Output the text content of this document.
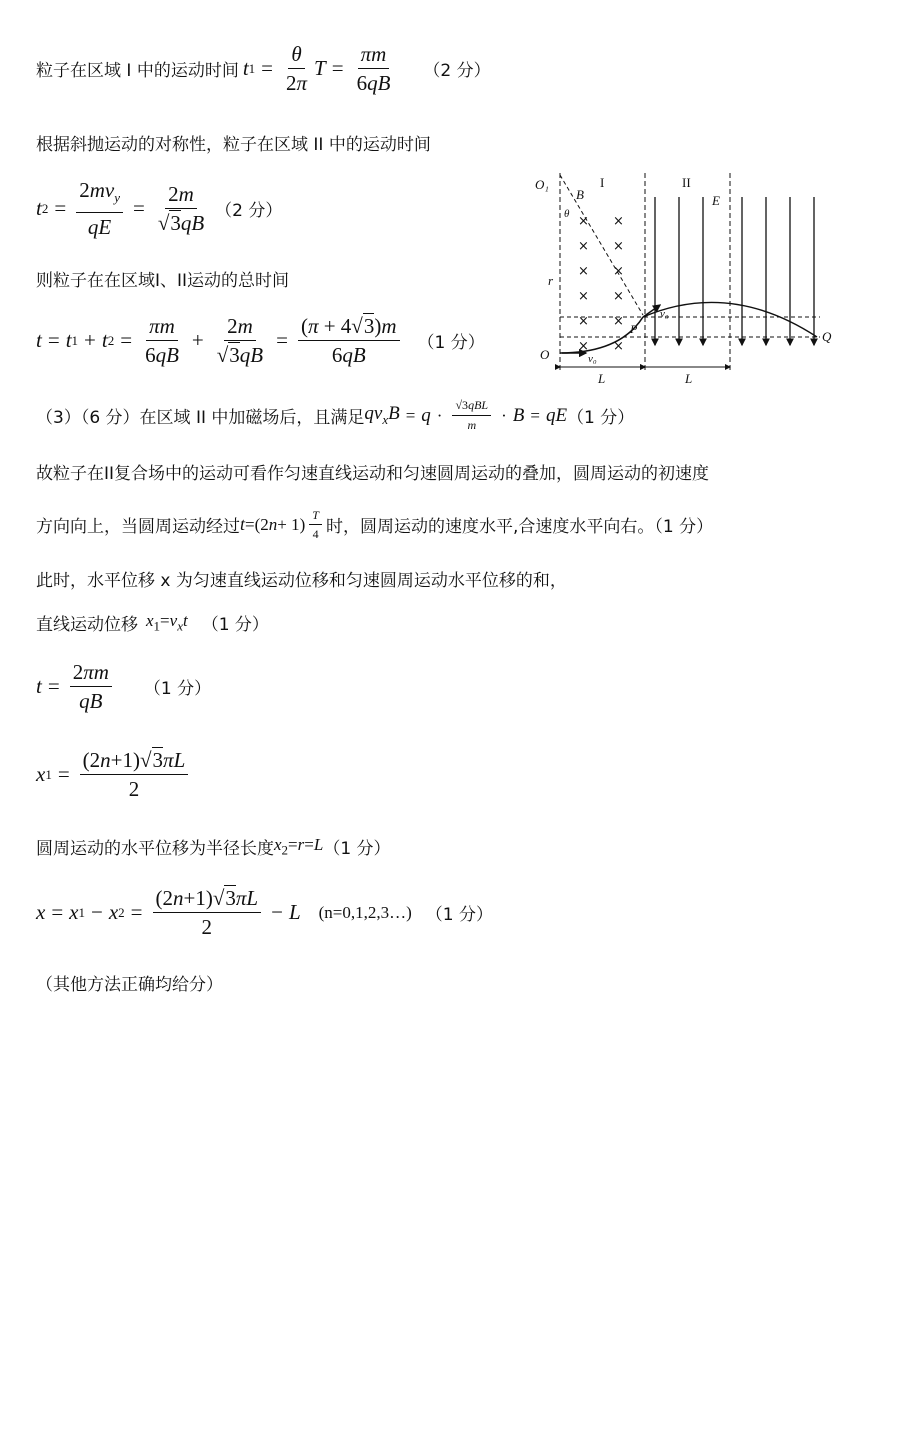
粒子在区域 I 中的运动时间 t $1 = \frac{\theta}{2\pi}$ $T = \frac{\pi m}{6qB} (2$ 分）
根据斜抛运动的对称性，粒子在区域 II 中的运动时间
t $2 = \frac{2mv_y}{qE} = \frac{2m}{√3qB} (2$ 分）
则粒子在在区域I、II运动的总时间
t = t 1 + t $2 = \frac{\pi m}{6qB} + \frac{2m}{√3qB} = \frac{(\pi + 4√3)m}{6qB} (1$ 分）
（3）（6 分）在区域 II 中加磁场后，且满足 $qv_xB = q \cdot \frac{\text{√3qBL}}{m} \cdot B$ = qE （1 分）
故粒子在II复合场中的运动可看作匀速直线运动和匀速圆周运动的叠加，圆周运动的初速度
方向向上，当圆周运动经过 t =(2 $n + 1) \frac{T}{4}$ 时，圆周运动的速度水平,合速度水平向右。（1 分）
此时，水平位移 x 为匀速直线运动位移和匀速圆周运动水平位移的和，
直线运动位移 $x_1=v_xt$ （1 分）
$t = \frac{2\pi m}{qB} (1$ 分）
x $1 = \frac{(2n+1)√3\pi L}{2}$
圆周运动的水平位移为半径长度 $x_2=r=L$ （1 分）
x = x 1 − x $2 = \frac{(2n+1)√3\pi L}{2} - L$ (n=0,1,2,3…) （1 分）
（其他方法正确均给分）
× ×
× ×
× ×
× ×
× ×
× ×
O₁
B
θ
r
O
P	Q
E
v₀
v₀
L	L
I	II
